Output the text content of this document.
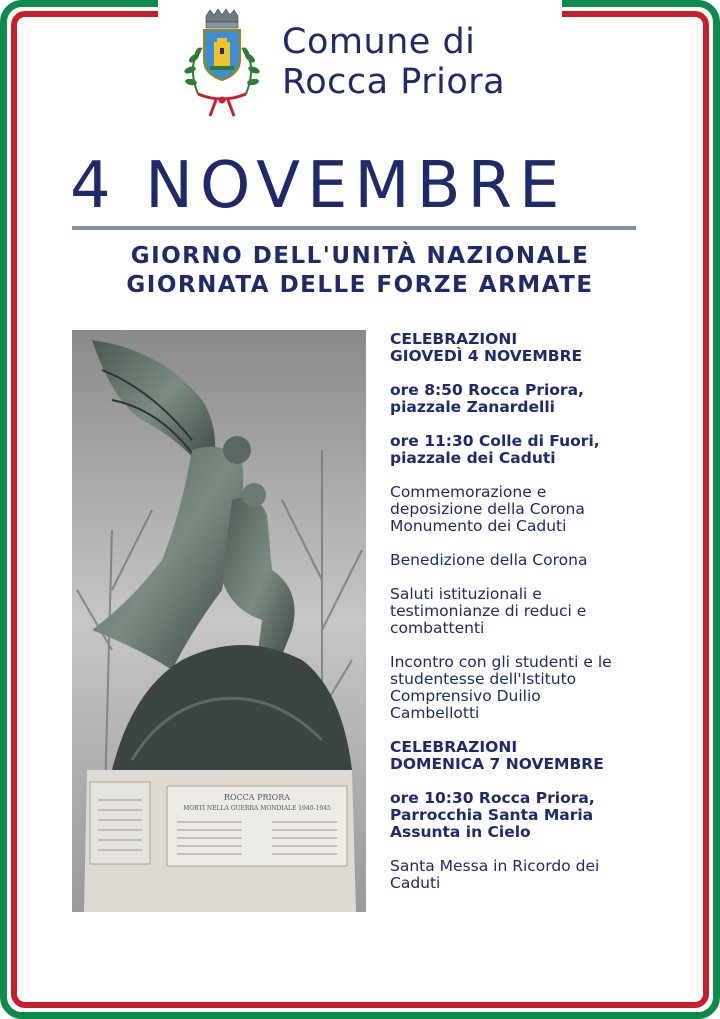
Comune di
Rocca Priora
4 NOVEMBRE
GIORNO DELL'UNITÀ NAZIONALE
GIORNATA DELLE FORZE ARMATE
ROCCA PRIORA
MORTI NELLA GUERRA MONDIALE 1940-1945

CELEBRAZIONI
GIOVEDÌ 4 NOVEMBRE

ore 8:50 Rocca Priora,
piazzale Zanardelli

ore 11:30 Colle di Fuori,
piazzale dei Caduti

Commemorazione e
deposizione della Corona
Monumento dei Caduti

Benedizione della Corona

Saluti istituzionali e
testimonianze di reduci e
combattenti

Incontro con gli studenti e le
studentesse dell'Istituto
Comprensivo Duilio
Cambellotti

CELEBRAZIONI
DOMENICA 7 NOVEMBRE

ore 10:30 Rocca Priora,
Parrocchia Santa Maria
Assunta in Cielo

Santa Messa in Ricordo dei
Caduti
